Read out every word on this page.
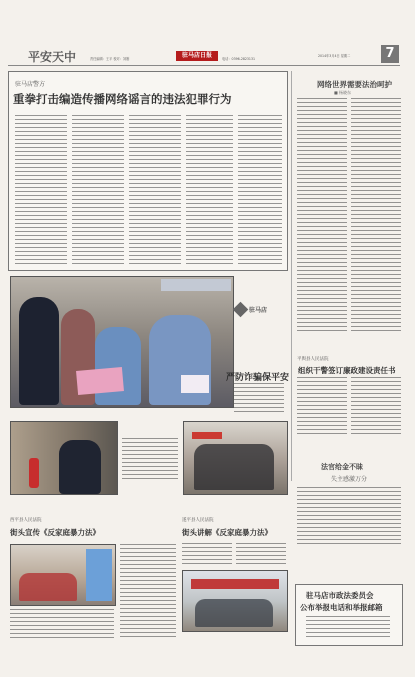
平安天中	责任编辑：王平 校对：刘刚	驻马店日报	电话：0396-2823131
2014年3月4日 星期二	7
驻马店警方
重拳打击编造传播网络谣言的违法犯罪行为
驻马店
严防诈骗保平安
网络世界需要法治呵护
■ 杨晓东
平舆县人民法院
组织干警签订廉政建设责任书
法官给金不昧
失主感激万分
西平县人民法院
街头宣传《反家庭暴力法》
遂平县人民法院
街头讲解《反家庭暴力法》
驻马店市政法委员会
公布举报电话和举报邮箱
